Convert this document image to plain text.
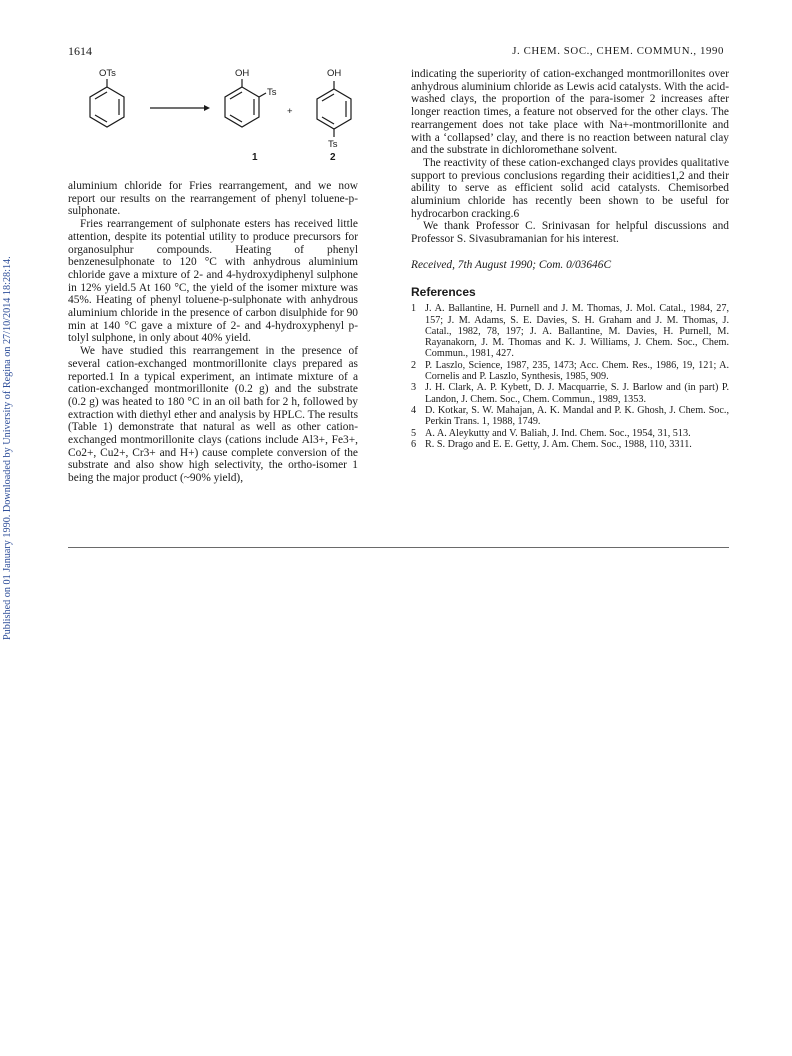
Published on 01 January 1990. Downloaded by University of Regina on 27/10/2014 18:28:14.
1614	J. CHEM. SOC., CHEM. COMMUN., 1990
OTs	OH
Ts
+
OH
Ts
1	2

aluminium chloride for Fries rearrangement, and we now report our results on the rearrangement of phenyl toluene-p-sulphonate.

Fries rearrangement of sulphonate esters has received little attention, despite its potential utility to produce precursors for organosulphur compounds. Heating of phenyl benzenesulphonate to 120 °C with anhydrous aluminium chloride gave a mixture of 2- and 4-hydroxydiphenyl sulphone in 12% yield.5 At 160 °C, the yield of the isomer mixture was 45%. Heating of phenyl toluene-p-sulphonate with anhydrous aluminium chloride in the presence of carbon disulphide for 90 min at 140 °C gave a mixture of 2- and 4-hydroxyphenyl p-tolyl sulphone, in only about 40% yield.

We have studied this rearrangement in the presence of several cation-exchanged montmorillonite clays prepared as reported.1 In a typical experiment, an intimate mixture of a cation-exchanged montmorillonite (0.2 g) and the substrate (0.2 g) was heated to 180 °C in an oil bath for 2 h, followed by extraction with diethyl ether and analysis by HPLC. The results (Table 1) demonstrate that natural as well as other cation-exchanged montmorillonite clays (cations include Al3+, Fe3+, Co2+, Cu2+, Cr3+ and H+) cause complete conversion of the substrate and also show high selectivity, the ortho-isomer 1 being the major product (~90% yield),

indicating the superiority of cation-exchanged montmorillonites over anhydrous aluminium chloride as Lewis acid catalysts. With the acid-washed clays, the proportion of the para-isomer 2 increases after longer reaction times, a feature not observed for the other clays. The rearrangement does not take place with Na+-montmorillonite and with a ‘collapsed’ clay, and there is no reaction between natural clay and the substrate in dichloromethane solvent.

The reactivity of these cation-exchanged clays provides qualitative support to previous conclusions regarding their acidities1,2 and their ability to serve as efficient solid acid catalysts. Chemisorbed aluminium chloride has recently been shown to be useful for hydrocarbon cracking.6

We thank Professor C. Srinivasan for helpful discussions and Professor S. Sivasubramanian for his interest.

Received, 7th August 1990; Com. 0/03646C

References
1 J. A. Ballantine, H. Purnell and J. M. Thomas, J. Mol. Catal., 1984, 27, 157; J. M. Adams, S. E. Davies, S. H. Graham and J. M. Thomas, J. Catal., 1982, 78, 197; J. A. Ballantine, M. Davies, H. Purnell, M. Rayanakorn, J. M. Thomas and K. J. Williams, J. Chem. Soc., Chem. Commun., 1981, 427.
2 P. Laszlo, Science, 1987, 235, 1473; Acc. Chem. Res., 1986, 19, 121; A. Cornelis and P. Laszlo, Synthesis, 1985, 909.
3 J. H. Clark, A. P. Kybett, D. J. Macquarrie, S. J. Barlow and (in part) P. Landon, J. Chem. Soc., Chem. Commun., 1989, 1353.
4 D. Kotkar, S. W. Mahajan, A. K. Mandal and P. K. Ghosh, J. Chem. Soc., Perkin Trans. 1, 1988, 1749.
5 A. A. Aleykutty and V. Baliah, J. Ind. Chem. Soc., 1954, 31, 513.
6 R. S. Drago and E. E. Getty, J. Am. Chem. Soc., 1988, 110, 3311.
